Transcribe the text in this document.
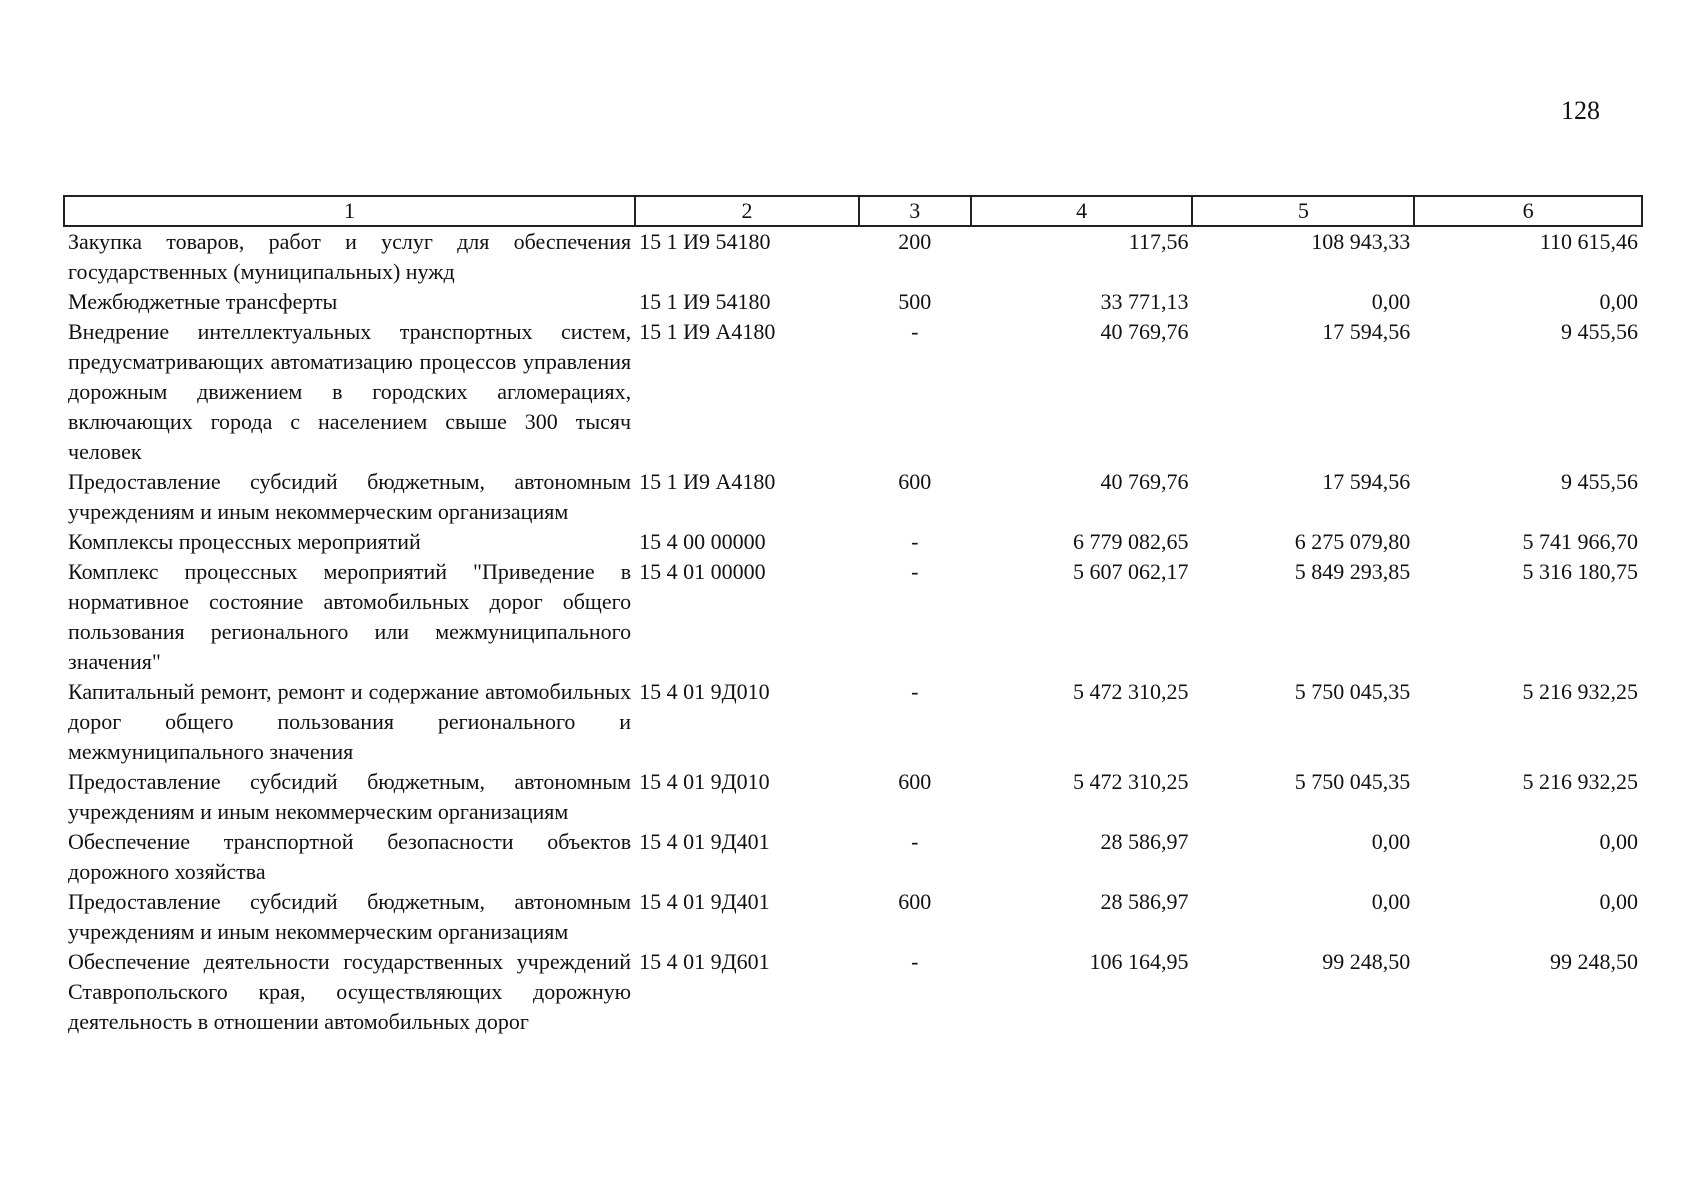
128
1	2	3	4	5	6
Закупка товаров, работ и услуг для обеспечения государственных (муниципальных) нужд	15 1 И9 54180	200	117,56	108 943,33	110 615,46
Межбюджетные трансферты	15 1 И9 54180	500	33 771,13	0,00	0,00
Внедрение интеллектуальных транспортных систем, предусматривающих автоматизацию процессов управления дорожным движением в городских агломерациях, включающих города с населением свыше 300 тысяч человек	15 1 И9 А4180	-	40 769,76	17 594,56	9 455,56
Предоставление субсидий бюджетным, автономным учреждениям и иным некоммерческим организациям	15 1 И9 А4180	600	40 769,76	17 594,56	9 455,56
Комплексы процессных мероприятий	15 4 00 00000	-	6 779 082,65	6 275 079,80	5 741 966,70
Комплекс процессных мероприятий "Приведение в нормативное состояние автомобильных дорог общего пользования регионального или межмуниципального значения"	15 4 01 00000	-	5 607 062,17	5 849 293,85	5 316 180,75
Капитальный ремонт, ремонт и содержание автомобильных дорог общего пользования регионального и межмуниципального значения	15 4 01 9Д010	-	5 472 310,25	5 750 045,35	5 216 932,25
Предоставление субсидий бюджетным, автономным учреждениям и иным некоммерческим организациям	15 4 01 9Д010	600	5 472 310,25	5 750 045,35	5 216 932,25
Обеспечение транспортной безопасности объектов дорожного хозяйства	15 4 01 9Д401	-	28 586,97	0,00	0,00
Предоставление субсидий бюджетным, автономным учреждениям и иным некоммерческим организациям	15 4 01 9Д401	600	28 586,97	0,00	0,00
Обеспечение деятельности государственных учреждений Ставропольского края, осуществляющих дорожную деятельность в отношении автомобильных дорог	15 4 01 9Д601	-	106 164,95	99 248,50	99 248,50
